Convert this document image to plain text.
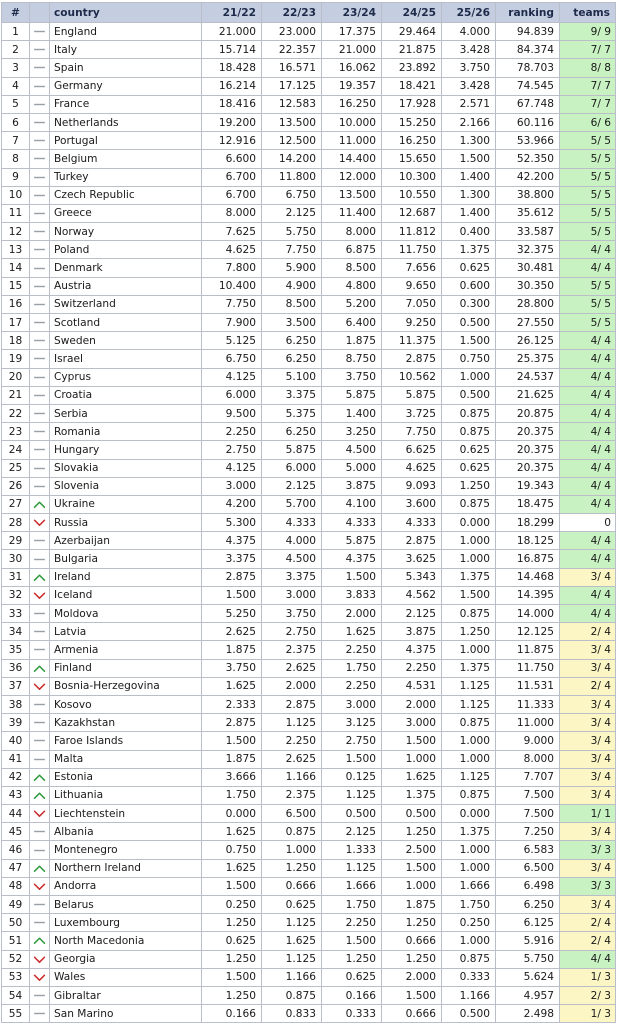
#		country	21/22	22/23	23/24	24/25	25/26	ranking	teams
1		England	21.000	23.000	17.375	29.464	4.000	94.839	9/ 9
2		Italy	15.714	22.357	21.000	21.875	3.428	84.374	7/ 7
3		Spain	18.428	16.571	16.062	23.892	3.750	78.703	8/ 8
4		Germany	16.214	17.125	19.357	18.421	3.428	74.545	7/ 7
5		France	18.416	12.583	16.250	17.928	2.571	67.748	7/ 7
6		Netherlands	19.200	13.500	10.000	15.250	2.166	60.116	6/ 6
7		Portugal	12.916	12.500	11.000	16.250	1.300	53.966	5/ 5
8		Belgium	6.600	14.200	14.400	15.650	1.500	52.350	5/ 5
9		Turkey	6.700	11.800	12.000	10.300	1.400	42.200	5/ 5
10		Czech Republic	6.700	6.750	13.500	10.550	1.300	38.800	5/ 5
11		Greece	8.000	2.125	11.400	12.687	1.400	35.612	5/ 5
12		Norway	7.625	5.750	8.000	11.812	0.400	33.587	5/ 5
13		Poland	4.625	7.750	6.875	11.750	1.375	32.375	4/ 4
14		Denmark	7.800	5.900	8.500	7.656	0.625	30.481	4/ 4
15		Austria	10.400	4.900	4.800	9.650	0.600	30.350	5/ 5
16		Switzerland	7.750	8.500	5.200	7.050	0.300	28.800	5/ 5
17		Scotland	7.900	3.500	6.400	9.250	0.500	27.550	5/ 5
18		Sweden	5.125	6.250	1.875	11.375	1.500	26.125	4/ 4
19		Israel	6.750	6.250	8.750	2.875	0.750	25.375	4/ 4
20		Cyprus	4.125	5.100	3.750	10.562	1.000	24.537	4/ 4
21		Croatia	6.000	3.375	5.875	5.875	0.500	21.625	4/ 4
22		Serbia	9.500	5.375	1.400	3.725	0.875	20.875	4/ 4
23		Romania	2.250	6.250	3.250	7.750	0.875	20.375	4/ 4
24		Hungary	2.750	5.875	4.500	6.625	0.625	20.375	4/ 4
25		Slovakia	4.125	6.000	5.000	4.625	0.625	20.375	4/ 4
26		Slovenia	3.000	2.125	3.875	9.093	1.250	19.343	4/ 4
27		Ukraine	4.200	5.700	4.100	3.600	0.875	18.475	4/ 4
28		Russia	5.300	4.333	4.333	4.333	0.000	18.299	0
29		Azerbaijan	4.375	4.000	5.875	2.875	1.000	18.125	4/ 4
30		Bulgaria	3.375	4.500	4.375	3.625	1.000	16.875	4/ 4
31		Ireland	2.875	3.375	1.500	5.343	1.375	14.468	3/ 4
32		Iceland	1.500	3.000	3.833	4.562	1.500	14.395	4/ 4
33		Moldova	5.250	3.750	2.000	2.125	0.875	14.000	4/ 4
34		Latvia	2.625	2.750	1.625	3.875	1.250	12.125	2/ 4
35		Armenia	1.875	2.375	2.250	4.375	1.000	11.875	3/ 4
36		Finland	3.750	2.625	1.750	2.250	1.375	11.750	3/ 4
37		Bosnia-Herzegovina	1.625	2.000	2.250	4.531	1.125	11.531	2/ 4
38		Kosovo	2.333	2.875	3.000	2.000	1.125	11.333	3/ 4
39		Kazakhstan	2.875	1.125	3.125	3.000	0.875	11.000	3/ 4
40		Faroe Islands	1.500	2.250	2.750	1.500	1.000	9.000	3/ 4
41		Malta	1.875	2.625	1.500	1.000	1.000	8.000	3/ 4
42		Estonia	3.666	1.166	0.125	1.625	1.125	7.707	3/ 4
43		Lithuania	1.750	2.375	1.125	1.375	0.875	7.500	3/ 4
44		Liechtenstein	0.000	6.500	0.500	0.500	0.000	7.500	1/ 1
45		Albania	1.625	0.875	2.125	1.250	1.375	7.250	3/ 4
46		Montenegro	0.750	1.000	1.333	2.500	1.000	6.583	3/ 3
47		Northern Ireland	1.625	1.250	1.125	1.500	1.000	6.500	3/ 4
48		Andorra	1.500	0.666	1.666	1.000	1.666	6.498	3/ 3
49		Belarus	0.250	0.625	1.750	1.875	1.750	6.250	3/ 4
50		Luxembourg	1.250	1.125	2.250	1.250	0.250	6.125	2/ 4
51		North Macedonia	0.625	1.625	1.500	0.666	1.000	5.916	2/ 4
52		Georgia	1.250	1.125	1.250	1.250	0.875	5.750	4/ 4
53		Wales	1.500	1.166	0.625	2.000	0.333	5.624	1/ 3
54		Gibraltar	1.250	0.875	0.166	1.500	1.166	4.957	2/ 3
55		San Marino	0.166	0.833	0.333	0.666	0.500	2.498	1/ 3
